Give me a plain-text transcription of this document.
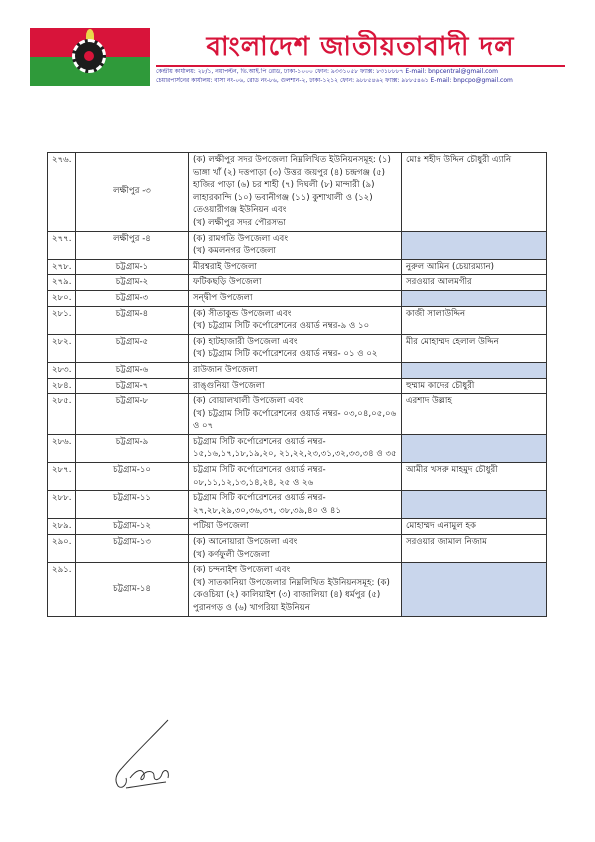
বাংলাদেশ জাতীয়তাবাদী দল
কেন্দ্রীয় কার্যালয়: ২৮/১, নয়াপল্টন, ভি.আই.পি রোড, ঢাকা-১০০০ ফোন: ৯৩৩১০৫৮ ফ্যাক্স: ৮৩১৮৮৮৭ E-mail: bnpcentral@gmail.com
চেয়ারপার্সনের কার্যালয়: বাসা নং-০৬, রোড নং-৮৬, গুলশান-২, ঢাকা-১২১২ ফোন: ৯৮৮৫৪৬২ ফ্যাক্স: ৯৮৮৫৪৬১ E-mail: bnpcpo@gmail.com
২৭৬.	লক্ষীপুর -৩	(ক) লক্ষীপুর সদর উপজেলা নিম্নলিখিত ইউনিয়নসমূহ: (১) ভাঙ্গা খাঁ (২) দত্তপাড়া (৩) উত্তর জয়পুর (৪) চন্দ্রগঞ্জ (৫) হাজির পাড়া (৬) চর শাহী (৭) দিঘলী (৮) মান্দারী (৯) লাহারকান্দি (১০) ভবানীগঞ্জ (১১) কুশাখালী ও (১২) তেওয়ারীগঞ্জ ইউনিয়ন এবং
(খ) লক্ষীপুর সদর পৌরসভা	মোঃ শহীদ উদ্দিন চৌধুরী এ্যানি
২৭৭.	লক্ষীপুর -৪	(ক) রামগতি উপজেলা এবং
(খ) কমলনগর উপজেলা	

২৭৮.	চট্টগ্রাম-১	মীরশ্বরাই উপজেলা	নুরুল আমিন (চেয়ারম্যান)
২৭৯.	চট্টগ্রাম-২	ফটিকছড়ি উপজেলা	সরওয়ার আলমগীর
২৮০.	চট্টগ্রাম-৩	সন্দ্বীপ উপজেলা	

২৮১.	চট্টগ্রাম-৪	(ক) সীতাকুন্ড উপজেলা এবং
(খ) চট্টগ্রাম সিটি কর্পোরেশনের ওয়ার্ড নম্বর-৯ ও ১০	কাজী সালাউদ্দিন
২৮২.	চট্টগ্রাম-৫	(ক) হাটহাজারী উপজেলা এবং
(খ) চট্টগ্রাম সিটি কর্পোরেশনের ওয়ার্ড নম্বর- ০১ ও ০২	মীর মোহাম্মদ হেলাল উদ্দিন
২৮৩.	চট্টগ্রাম-৬	রাউজান উপজেলা	

২৮৪.	চট্টগ্রাম-৭	রাঙ্গুনিয়া উপজেলা	হুম্মাম কাদের চৌধুরী
২৮৫.	চট্টগ্রাম-৮	(ক) বোয়ালখালী উপজেলা এবং
(খ) চট্টগ্রাম সিটি কর্পোরেশনের ওয়ার্ড নম্বর- ০৩,০৪,০৫,০৬ ও ০৭	এরশাদ উল্লাহ
২৮৬.	চট্টগ্রাম-৯	চট্টগ্রাম সিটি কর্পোরেশনের ওয়ার্ড নম্বর- ১৫,১৬,১৭,১৮,১৯,২০, ২১,২২,২৩,৩১,৩২,৩৩,৩৪ ও ৩৫	

২৮৭.	চট্টগ্রাম-১০	চট্টগ্রাম সিটি কর্পোরেশনের ওয়ার্ড নম্বর- ০৮,১১,১২,১৩,১৪,২৪, ২৫ ও ২৬	আমীর খসরু মাহমুদ চৌধুরী
২৮৮.	চট্টগ্রাম-১১	চট্টগ্রাম সিটি কর্পোরেশনের ওয়ার্ড নম্বর- ২৭,২৮,২৯,৩০,৩৬,৩৭, ৩৮,৩৯,৪০ ও ৪১	

২৮৯.	চট্টগ্রাম-১২	পটিয়া উপজেলা	মোহাম্মদ এনামুল হক
২৯০.	চট্টগ্রাম-১৩	(ক) আনোয়ারা উপজেলা এবং
(খ) কর্ণফুলী উপজেলা	সরওয়ার জামাল নিজাম
২৯১.	চট্টগ্রাম-১৪	(ক) চন্দনাইশ উপজেলা এবং
(খ) সাতকানিয়া উপজেলার নিম্নলিখিত ইউনিয়নসমূহ: (ক) কেওচিয়া (২) কালিয়াইশ (৩) বাজালিয়া (৪) ধর্মপুর (৫) পুরানগড় ও (৬) খাগরিয়া ইউনিয়ন	
